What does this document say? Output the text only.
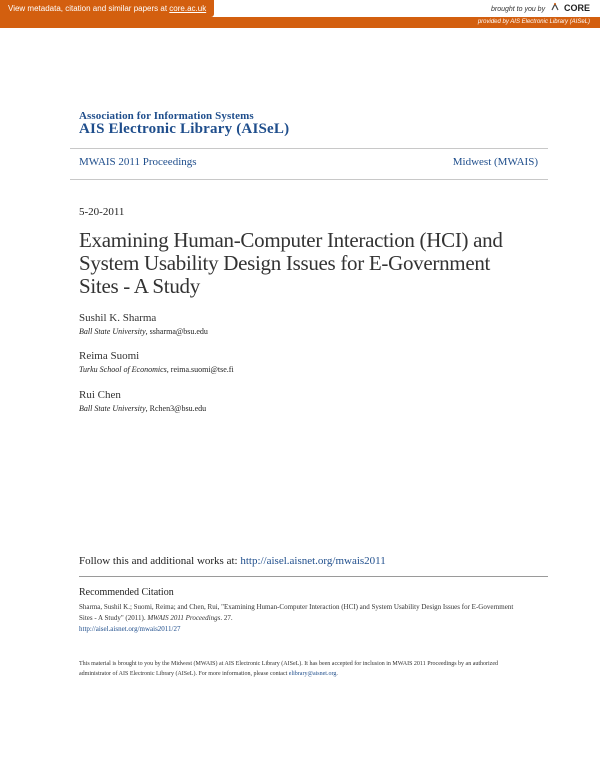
View metadata, citation and similar papers at core.ac.uk	brought to you by CORE
provided by AIS Electronic Library (AISeL)
Association for Information Systems
AIS Electronic Library (AISeL)
MWAIS 2011 Proceedings	Midwest (MWAIS)
5-20-2011
Examining Human-Computer Interaction (HCI) and System Usability Design Issues for E-Government Sites - A Study
Sushil K. Sharma
Ball State University, ssharma@bsu.edu
Reima Suomi
Turku School of Economics, reima.suomi@tse.fi
Rui Chen
Ball State University, Rchen3@bsu.edu
Follow this and additional works at: http://aisel.aisnet.org/mwais2011
Recommended Citation
Sharma, Sushil K.; Suomi, Reima; and Chen, Rui, "Examining Human-Computer Interaction (HCI) and System Usability Design Issues for E-Government Sites - A Study" (2011). MWAIS 2011 Proceedings. 27.
http://aisel.aisnet.org/mwais2011/27
This material is brought to you by the Midwest (MWAIS) at AIS Electronic Library (AISeL). It has been accepted for inclusion in MWAIS 2011 Proceedings by an authorized administrator of AIS Electronic Library (AISeL). For more information, please contact elibrary@aisnet.org.
